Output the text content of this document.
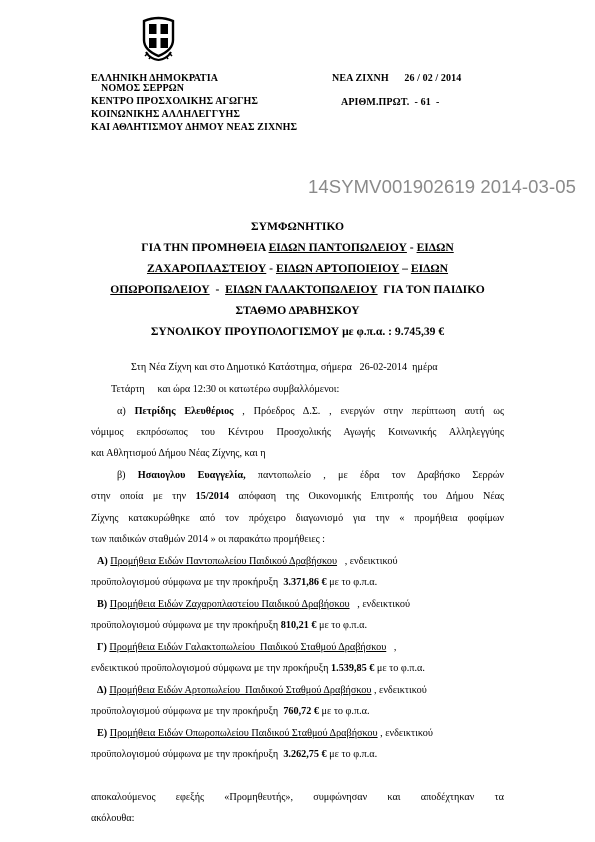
ΕΛΛΗΝΙΚΗ ΔΗΜΟΚΡΑΤΙΑ
ΝΟΜΟΣ ΣΕΡΡΩΝ
ΚΕΝΤΡΟ ΠΡΟΣΧΟΛΙΚΗΣ ΑΓΩΓΗΣ
ΚΟΙΝΩΝΙΚΗΣ ΑΛΛΗΛΕΓΓΥΗΣ
ΚΑΙ ΑΘΛΗΤΙΣΜΟΥ ΔΗΜΟΥ ΝΕΑΣ ΖΙΧΝΗΣ
ΝΕΑ ΖΙΧΝΗ      26 / 02 / 2014
ΑΡΙΘΜ.ΠΡΩΤ.  - 61  -
14SYMV001902619 2014-03-05
ΣΥΜΦΩΝΗΤΙΚΟ
ΓΙΑ ΤΗΝ ΠΡΟΜΗΘΕΙΑ ΕΙΔΩΝ ΠΑΝΤΟΠΩΛΕΙΟΥ - ΕΙΔΩΝ
ΖΑΧΑΡΟΠΛΑΣΤΕΙΟΥ - ΕΙΔΩΝ ΑΡΤΟΠΟΙΕΙΟΥ – ΕΙΔΩΝ
ΟΠΩΡΟΠΩΛΕΙΟΥ  -  ΕΙΔΩΝ ΓΑΛΑΚΤΟΠΩΛΕΙΟΥ  ΓΙΑ ΤΟΝ ΠΑΙΔΙΚΟ
ΣΤΑΘΜΟ ΔΡΑΒΗΣΚΟΥ
ΣΥΝΟΛΙΚΟΥ ΠΡΟΥΠΟΛΟΓΙΣΜΟΥ με φ.π.α. : 9.745,39 €
Στη Νέα Ζίχνη και στο Δημοτικό Κατάστημα, σήμερα   26-02-2014  ημέρα
Τετάρτη     και ώρα 12:30 οι κατωτέρω συμβαλλόμενοι:
α) Πετρίδης Ελευθέριος , Πρόεδρος Δ.Σ. , ενεργών στην περίπτωση αυτή ως
νόμιμος εκπρόσωπος του Κέντρου Προσχολικής Αγωγής Κοινωνικής Αλληλεγγύης
και Αθλητισμού Δήμου Νέας Ζίχνης, και η
β) Ησαιογλου Ευαγγελία, παντοπωλείο , με έδρα τον Δραβήσκο Σερρών
στην οποία με την 15/2014 απόφαση της Οικονομικής Επιτροπής του Δήμου Νέας
Ζίχνης κατακυρώθηκε από τον πρόχειρο διαγωνισμό για την « προμήθεια φοφίμων
των παιδικών σταθμών 2014 » οι παρακάτω προμήθειες :
Α) Προμήθεια Ειδών Παντοπωλείου Παιδικού Δραβήσκου   , ενδεικτικού
προϋπολογισμού σύμφωνα με την προκήρυξη 3.371,86 € με το φ.π.α.
Β) Προμήθεια Ειδών Ζαχαροπλαστείου Παιδικού Δραβήσκου   , ενδεικτικού
προϋπολογισμού σύμφωνα με την προκήρυξη 810,21 € με το φ.π.α.
Γ) Προμήθεια Ειδών Γαλακτοπωλείου  Παιδικού Σταθμού Δραβήσκου   ,
ενδεικτικού προϋπολογισμού σύμφωνα με την προκήρυξη 1.539,85 € με το φ.π.α.
Δ) Προμήθεια Ειδών Αρτοπωλείου  Παιδικού Σταθμού Δραβήσκου , ενδεικτικού
προϋπολογισμού σύμφωνα με την προκήρυξη 760,72 € με το φ.π.α.
Ε) Προμήθεια Ειδών Οπωροπωλείου Παιδικού Σταθμού Δραβήσκου , ενδεικτικού
προϋπολογισμού σύμφωνα με την προκήρυξη 3.262,75 € με το φ.π.α.
αποκαλούμενος εφεξής «Προμηθευτής», συμφώνησαν και αποδέχτηκαν τα
ακόλουθα:
